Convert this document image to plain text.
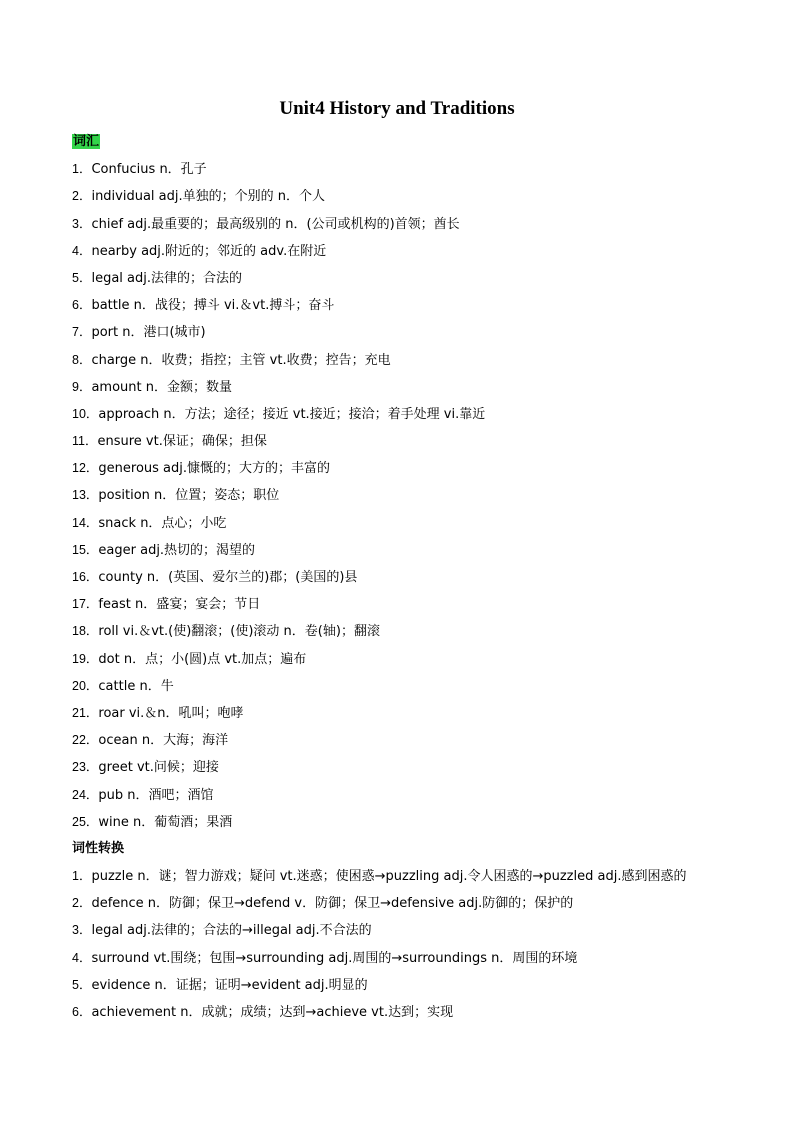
Unit4 History and Traditions
词汇
1． Confucius n．孔子
2． individual adj.单独的；个别的 n．个人
3． chief adj.最重要的；最高级别的 n．(公司或机构的)首领；酋长
4． nearby adj.附近的；邻近的 adv.在附近
5． legal adj.法律的；合法的
6． battle n．战役；搏斗 vi.＆vt.搏斗；奋斗
7． port n．港口(城市)
8． charge n．收费；指控；主管 vt.收费；控告；充电
9． amount n．金额；数量
10． approach n．方法；途径；接近 vt.接近；接洽；着手处理 vi.靠近
11． ensure vt.保证；确保；担保
12． generous adj.慷慨的；大方的；丰富的
13． position n．位置；姿态；职位
14． snack n．点心；小吃
15． eager adj.热切的；渴望的
16． county n．(英国、爱尔兰的)郡；(美国的)县
17． feast n．盛宴；宴会；节日
18． roll vi.＆vt.(使)翻滚；(使)滚动 n．卷(轴)；翻滚
19． dot n．点；小(圆)点 vt.加点；遍布
20． cattle n．牛
21． roar vi.＆n．吼叫；咆哮
22． ocean n．大海；海洋
23． greet vt.问候；迎接
24． pub n．酒吧；酒馆
25． wine n．葡萄酒；果酒
词性转换
1． puzzle n．谜；智力游戏；疑问 vt.迷惑；使困惑→puzzling adj.令人困惑的→puzzled adj.感到困惑的
2． defence n．防御；保卫→defend v．防御；保卫→defensive adj.防御的；保护的
3． legal adj.法律的；合法的→illegal adj.不合法的
4． surround vt.围绕；包围→surrounding adj.周围的→surroundings n．周围的环境
5． evidence n．证据；证明→evident adj.明显的
6． achievement n．成就；成绩；达到→achieve vt.达到；实现
